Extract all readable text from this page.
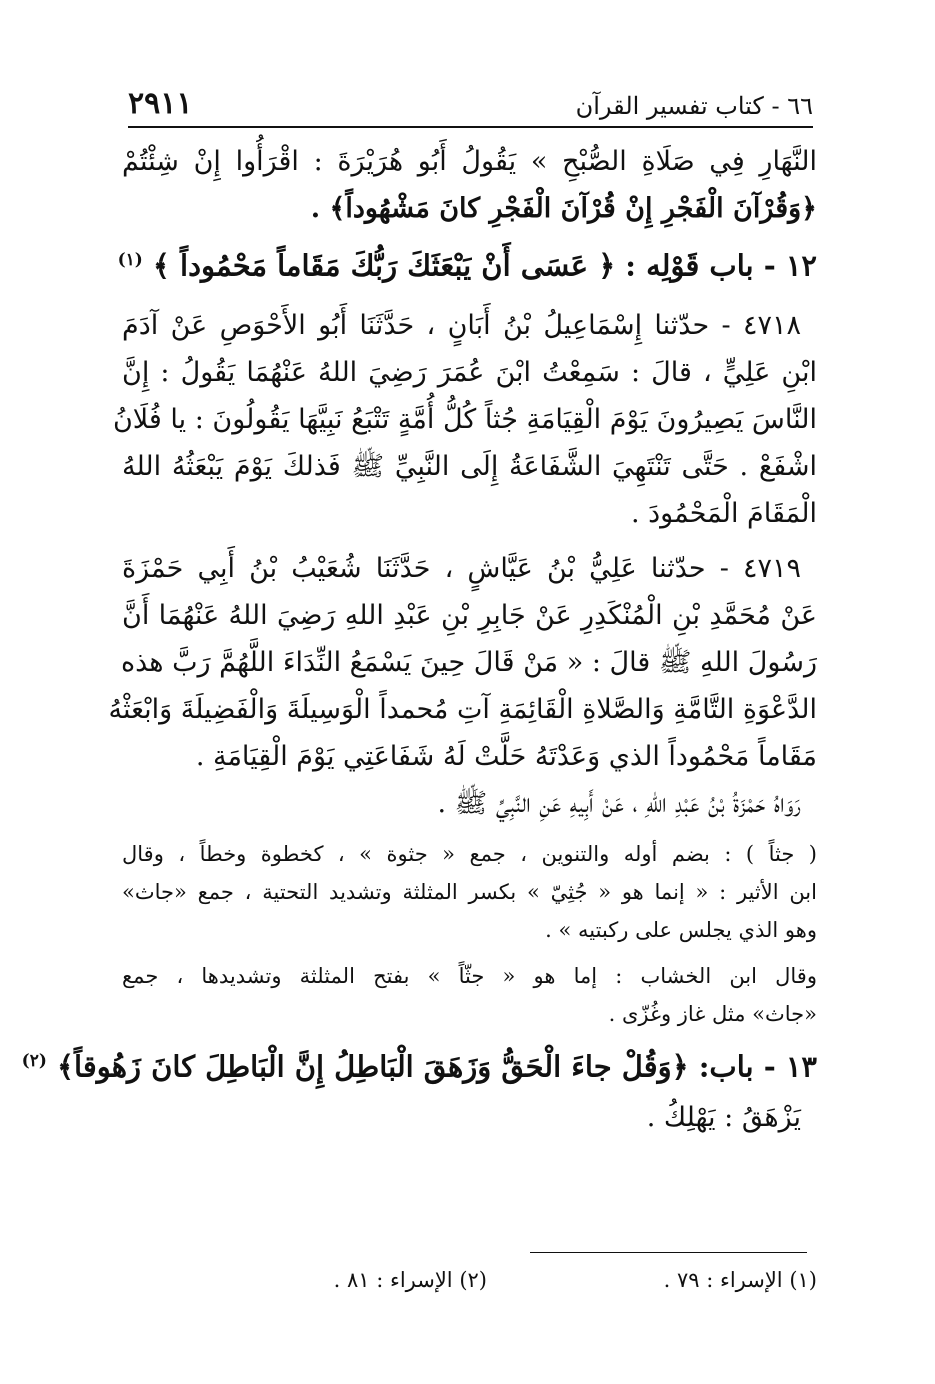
٦٦ - كتاب تفسير القرآن
٢٩١١
النَّهَارِ فِي صَلَاةِ الصُّبْحِ » يَقُولُ أَبُو هُرَيْرَةَ : اقْرَأُوا إِنْ شِئْتُمْ
﴿وَقُرْآنَ الْفَجْرِ إِنْ قُرْآنَ الْفَجْرِ كانَ مَشْهُوداً﴾ .
١٢ - باب قَوْلِه : ﴿ عَسَى أَنْ يَبْعَثَكَ رَبُّكَ مَقَاماً مَحْمُوداً ﴾ $^{(١)}$
٤٧١٨ - حدّثنا إِسْمَاعِيلُ بْنُ أَبَانٍ ، حَدَّثَنَا أَبُو الأَحْوَصِ عَنْ آدَمَ
ابْنِ عَلِيٍّ ، قالَ : سَمِعْتُ ابْنَ عُمَرَ رَضِيَ اللهُ عَنْهُمَا يَقُولُ : إِنَّ
النَّاسَ يَصِيرُونَ يَوْمَ الْقِيَامَةِ جُثاً كُلُّ أُمَّةٍ تَتْبَعُ نَبِيَّهَا يَقُولُونَ : يا فُلَانُ
اشْفَعْ . حَتَّى تَنْتَهِيَ الشَّفَاعَةُ إِلَى النَّبِيِّ ﷺ فَذلكَ يَوْمَ يَبْعَثُهُ اللهُ
الْمَقَامَ الْمَحْمُودَ .
٤٧١٩ - حدّثنا عَلِيُّ بْنُ عَيَّاشٍ ، حَدَّثَنَا شُعَيْبُ بْنُ أَبِي حَمْزَةَ
عَنْ مُحَمَّدِ بْنِ الْمُنْكَدِرِ عَنْ جَابِرِ بْنِ عَبْدِ اللهِ رَضِيَ اللهُ عَنْهُمَا أَنَّ
رَسُولَ اللهِ ﷺ قالَ : « مَنْ قَالَ حِينَ يَسْمَعُ النِّدَاءَ اللَّهُمَّ رَبَّ هذه
الدَّعْوَةِ التَّامَّةِ وَالصَّلاةِ الْقَائِمَةِ آتِ مُحمداً الْوَسِيلَةَ وَالْفَضِيلَةَ وَابْعَثْهُ
مَقَاماً مَحْمُوداً الذي وَعَدْتَهُ حَلَّتْ لَهُ شَفَاعَتِي يَوْمَ الْقِيَامَةِ .
رَوَاهُ حَمْزَةُ بْنُ عَبْدِ اللهِ ، عَنْ أَبِيهِ عَنِ النَّبِيِّ ﷺ .
( جثاً ) : بضم أوله والتنوين ، جمع « جثوة » ، كخطوة وخطاً ، وقال
ابن الأثير : « إنما هو « جُثِيّ » بكسر المثلثة وتشديد التحتية ، جمع «جاث»
وهو الذي يجلس على ركبتيه » .
وقال ابن الخشاب : إما هو « جثّاً » بفتح المثلثة وتشديدها ، جمع
«جاث» مثل غاز وغُزّى .
١٣ - باب: ﴿وَقُلْ جاءَ الْحَقُّ وَزَهَقَ الْبَاطِلُ إِنَّ الْبَاطِلَ كانَ زَهُوقاً﴾ $^{(٢)}$
يَزْهَقُ : يَهْلِكُ .
(١) الإسراء : ٧٩ .
(٢) الإسراء : ٨١ .
